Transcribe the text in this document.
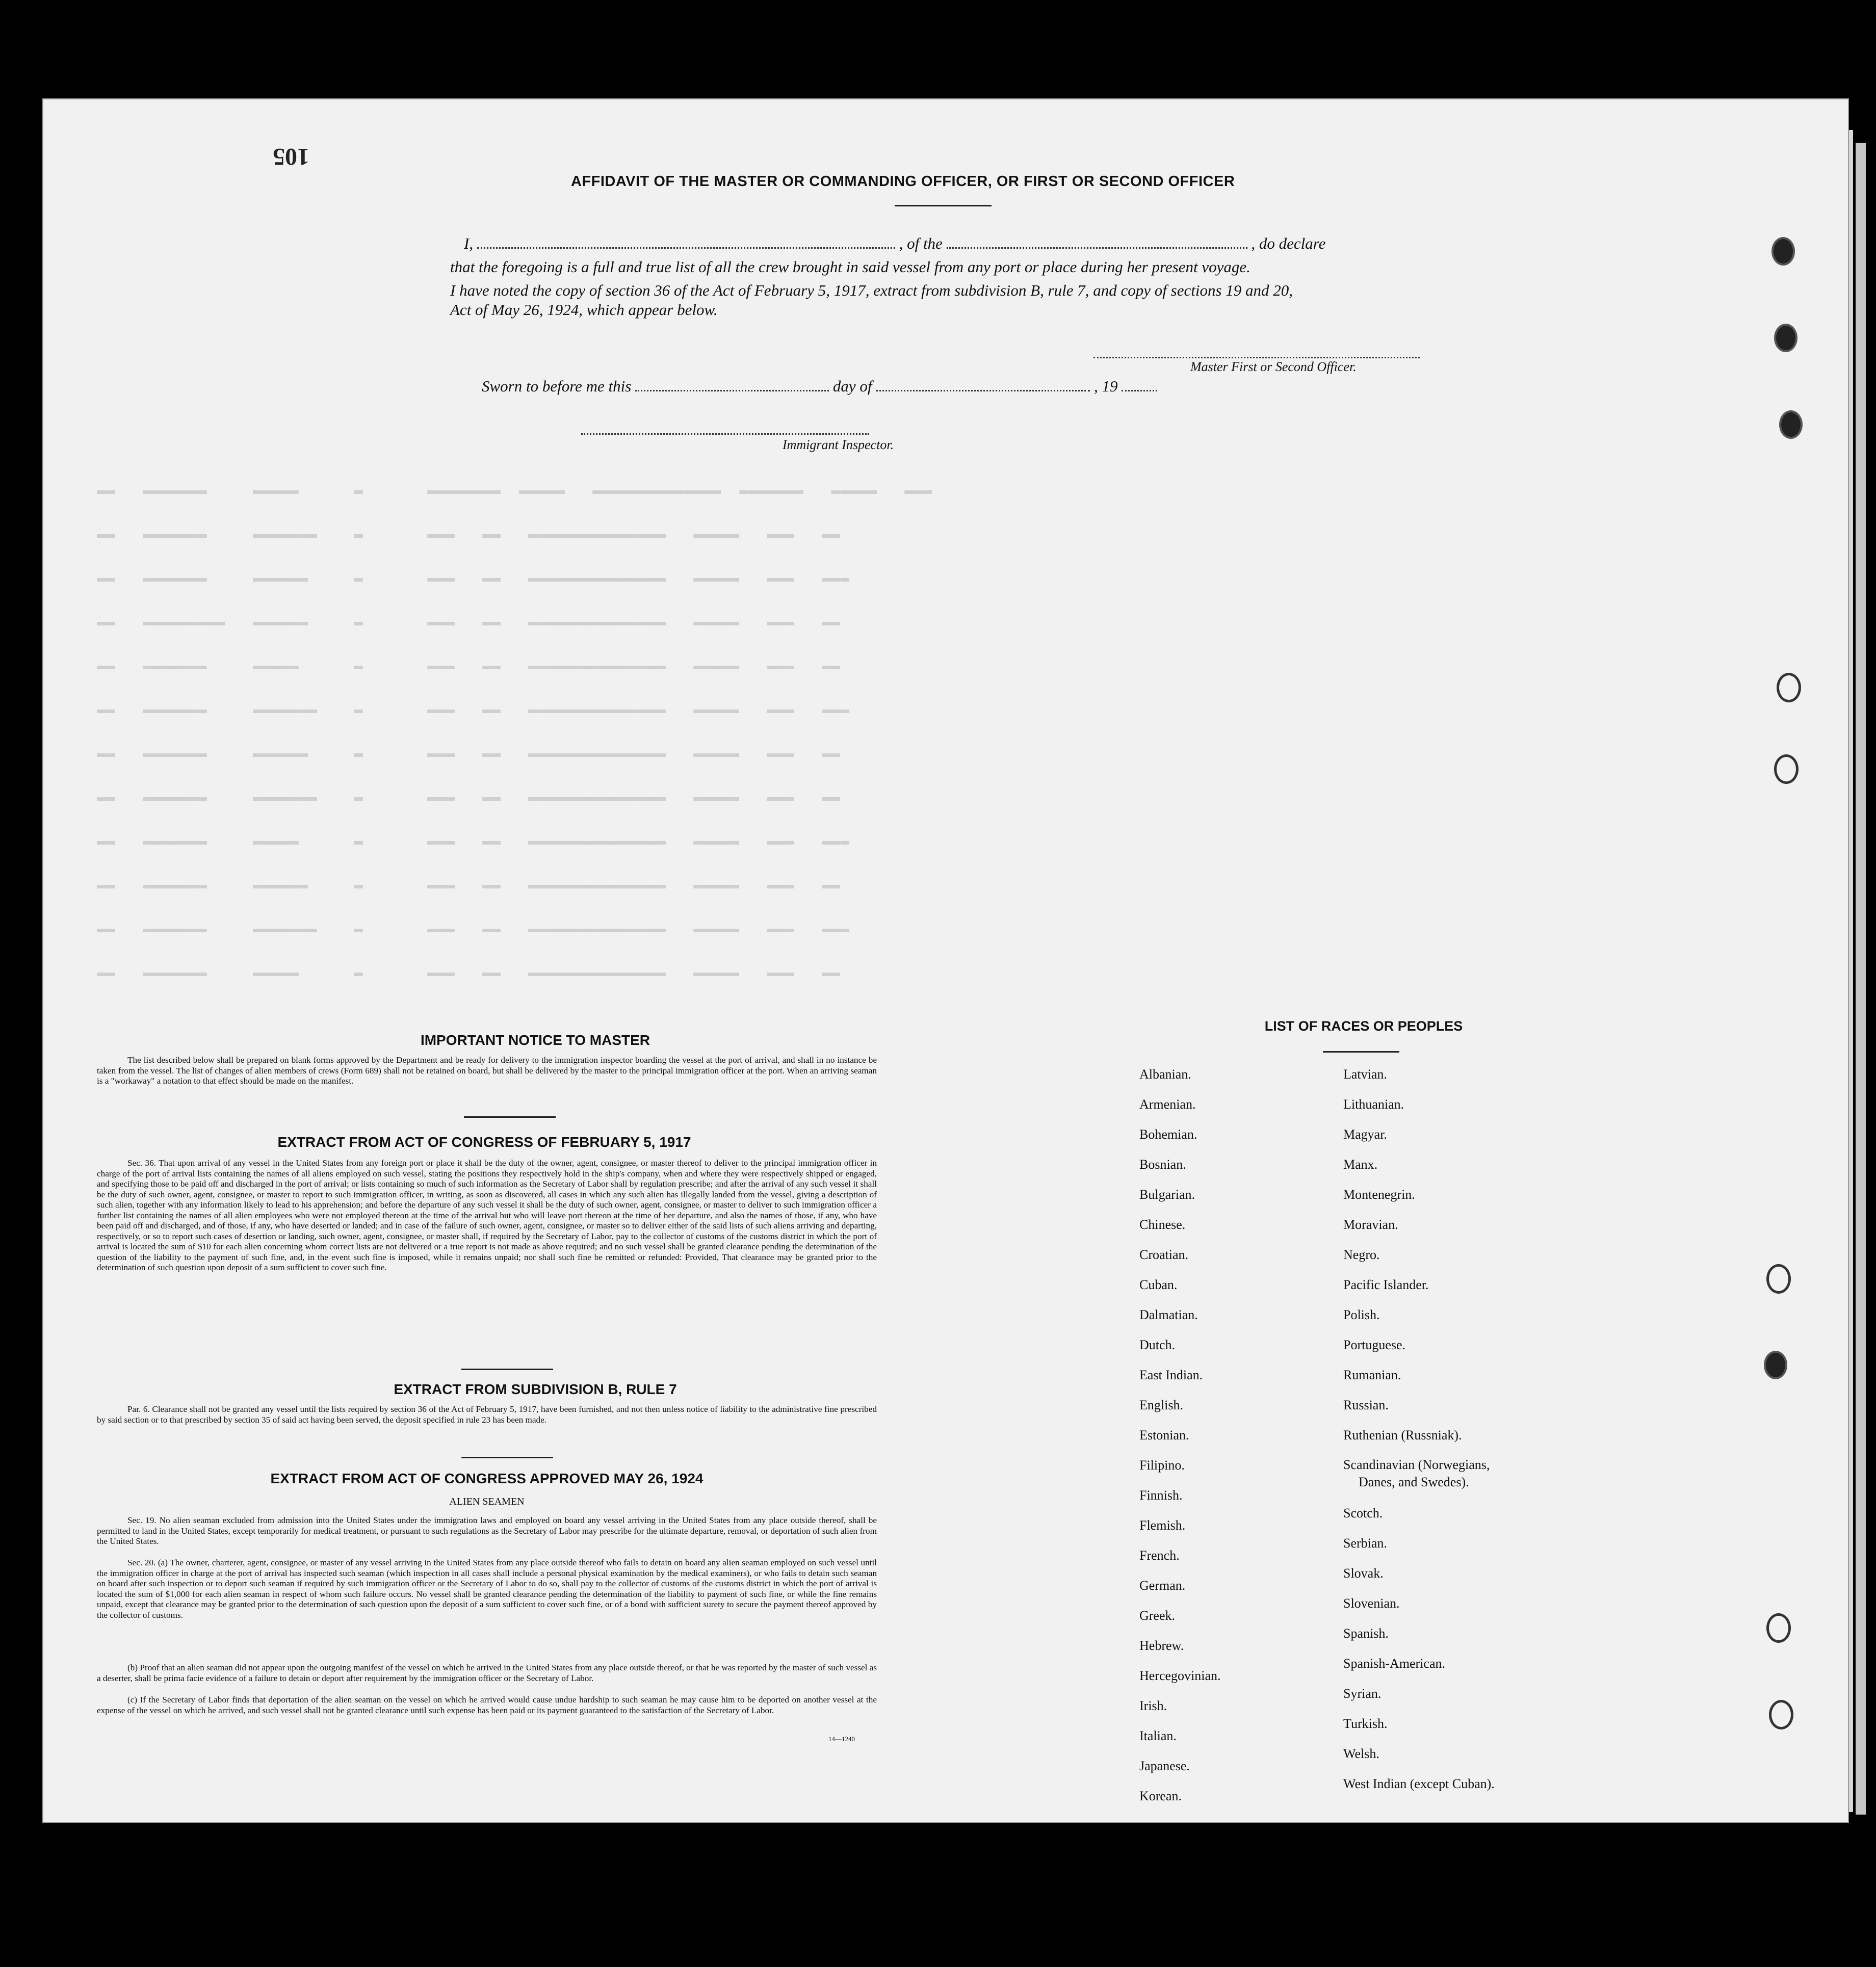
▬▬   ▬▬▬▬▬▬▬     ▬▬▬▬▬      ▬       ▬▬▬▬▬▬▬▬  ▬▬▬▬▬   ▬▬▬▬▬▬▬▬▬▬▬▬▬▬  ▬▬▬▬▬▬▬   ▬▬▬▬▬   ▬▬▬
▬▬   ▬▬▬▬▬▬▬     ▬▬▬▬▬▬▬    ▬       ▬▬▬   ▬▬   ▬▬▬▬▬▬▬▬▬▬▬▬▬▬▬   ▬▬▬▬▬   ▬▬▬   ▬▬
▬▬   ▬▬▬▬▬▬▬     ▬▬▬▬▬▬     ▬       ▬▬▬   ▬▬   ▬▬▬▬▬▬▬▬▬▬▬▬▬▬▬   ▬▬▬▬▬   ▬▬▬   ▬▬▬
▬▬   ▬▬▬▬▬▬▬▬▬   ▬▬▬▬▬▬     ▬       ▬▬▬   ▬▬   ▬▬▬▬▬▬▬▬▬▬▬▬▬▬▬   ▬▬▬▬▬   ▬▬▬   ▬▬
▬▬   ▬▬▬▬▬▬▬     ▬▬▬▬▬      ▬       ▬▬▬   ▬▬   ▬▬▬▬▬▬▬▬▬▬▬▬▬▬▬   ▬▬▬▬▬   ▬▬▬   ▬▬
▬▬   ▬▬▬▬▬▬▬     ▬▬▬▬▬▬▬    ▬       ▬▬▬   ▬▬   ▬▬▬▬▬▬▬▬▬▬▬▬▬▬▬   ▬▬▬▬▬   ▬▬▬   ▬▬▬
▬▬   ▬▬▬▬▬▬▬     ▬▬▬▬▬▬     ▬       ▬▬▬   ▬▬   ▬▬▬▬▬▬▬▬▬▬▬▬▬▬▬   ▬▬▬▬▬   ▬▬▬   ▬▬
▬▬   ▬▬▬▬▬▬▬     ▬▬▬▬▬▬▬    ▬       ▬▬▬   ▬▬   ▬▬▬▬▬▬▬▬▬▬▬▬▬▬▬   ▬▬▬▬▬   ▬▬▬   ▬▬
▬▬   ▬▬▬▬▬▬▬     ▬▬▬▬▬      ▬       ▬▬▬   ▬▬   ▬▬▬▬▬▬▬▬▬▬▬▬▬▬▬   ▬▬▬▬▬   ▬▬▬   ▬▬▬
▬▬   ▬▬▬▬▬▬▬     ▬▬▬▬▬▬     ▬       ▬▬▬   ▬▬   ▬▬▬▬▬▬▬▬▬▬▬▬▬▬▬   ▬▬▬▬▬   ▬▬▬   ▬▬
▬▬   ▬▬▬▬▬▬▬     ▬▬▬▬▬▬▬    ▬       ▬▬▬   ▬▬   ▬▬▬▬▬▬▬▬▬▬▬▬▬▬▬   ▬▬▬▬▬   ▬▬▬   ▬▬▬
▬▬   ▬▬▬▬▬▬▬     ▬▬▬▬▬      ▬       ▬▬▬   ▬▬   ▬▬▬▬▬▬▬▬▬▬▬▬▬▬▬   ▬▬▬▬▬   ▬▬▬   ▬▬
105
AFFIDAVIT OF THE MASTER OR COMMANDING OFFICER, OR FIRST OR SECOND OFFICER
I,	, of the	, do declare
that the foregoing is a full and true list of all the crew brought in said vessel from any port or place during her present voyage.
I have noted the copy of section 36 of the Act of February 5, 1917, extract from subdivision B, rule 7, and copy of sections 19 and 20,
Act of May 26, 1924, which appear below.
Master First or Second Officer.
Sworn to before me this	day of	, 19
Immigrant Inspector.
IMPORTANT NOTICE TO MASTER
The list described below shall be prepared on blank forms approved by the Department and be ready for delivery to the immigration inspector boarding the vessel at the port of arrival, and shall in no instance be taken from the vessel. The list of changes of alien members of crews (Form 689) shall not be retained on board, but shall be delivered by the master to the principal immigration officer at the port. When an arriving seaman is a "workaway" a notation to that effect should be made on the manifest.
EXTRACT FROM ACT OF CONGRESS OF FEBRUARY 5, 1917
Sec. 36. That upon arrival of any vessel in the United States from any foreign port or place it shall be the duty of the owner, agent, consignee, or master thereof to deliver to the principal immigration officer in charge of the port of arrival lists containing the names of all aliens employed on such vessel, stating the positions they respectively hold in the ship's company, when and where they were respectively shipped or engaged, and specifying those to be paid off and discharged in the port of arrival; or lists containing so much of such information as the Secretary of Labor shall by regulation prescribe; and after the arrival of any such vessel it shall be the duty of such owner, agent, consignee, or master to report to such immigration officer, in writing, as soon as discovered, all cases in which any such alien has illegally landed from the vessel, giving a description of such alien, together with any information likely to lead to his apprehension; and before the departure of any such vessel it shall be the duty of such owner, agent, consignee, or master to deliver to such immigration officer a further list containing the names of all alien employees who were not employed thereon at the time of the arrival but who will leave port thereon at the time of her departure, and also the names of those, if any, who have been paid off and discharged, and of those, if any, who have deserted or landed; and in case of the failure of such owner, agent, consignee, or master so to deliver either of the said lists of such aliens arriving and departing, respectively, or so to report such cases of desertion or landing, such owner, agent, consignee, or master shall, if required by the Secretary of Labor, pay to the collector of customs of the customs district in which the port of arrival is located the sum of $10 for each alien concerning whom correct lists are not delivered or a true report is not made as above required; and no such vessel shall be granted clearance pending the determination of the question of the liability to the payment of such fine, and, in the event such fine is imposed, while it remains unpaid; nor shall such fine be remitted or refunded: Provided, That clearance may be granted prior to the determination of such question upon deposit of a sum sufficient to cover such fine.
EXTRACT FROM SUBDIVISION B, RULE 7
Par. 6. Clearance shall not be granted any vessel until the lists required by section 36 of the Act of February 5, 1917, have been furnished, and not then unless notice of liability to the administrative fine prescribed by said section or to that prescribed by section 35 of said act having been served, the deposit specified in rule 23 has been made.
EXTRACT FROM ACT OF CONGRESS APPROVED MAY 26, 1924
ALIEN SEAMEN
Sec. 19. No alien seaman excluded from admission into the United States under the immigration laws and employed on board any vessel arriving in the United States from any place outside thereof, shall be permitted to land in the United States, except temporarily for medical treatment, or pursuant to such regulations as the Secretary of Labor may prescribe for the ultimate departure, removal, or deportation of such alien from the United States.
Sec. 20. (a) The owner, charterer, agent, consignee, or master of any vessel arriving in the United States from any place outside thereof who fails to detain on board any alien seaman employed on such vessel until the immigration officer in charge at the port of arrival has inspected such seaman (which inspection in all cases shall include a personal physical examination by the medical examiners), or who fails to detain such seaman on board after such inspection or to deport such seaman if required by such immigration officer or the Secretary of Labor to do so, shall pay to the collector of customs of the customs district in which the port of arrival is located the sum of $1,000 for each alien seaman in respect of whom such failure occurs. No vessel shall be granted clearance pending the determination of the liability to payment of such fine, or while the fine remains unpaid, except that clearance may be granted prior to the determination of such question upon the deposit of a sum sufficient to cover such fine, or of a bond with sufficient surety to secure the payment thereof approved by the collector of customs.
(b) Proof that an alien seaman did not appear upon the outgoing manifest of the vessel on which he arrived in the United States from any place outside thereof, or that he was reported by the master of such vessel as a deserter, shall be prima facie evidence of a failure to detain or deport after requirement by the immigration officer or the Secretary of Labor.
(c) If the Secretary of Labor finds that deportation of the alien seaman on the vessel on which he arrived would cause undue hardship to such seaman he may cause him to be deported on another vessel at the expense of the vessel on which he arrived, and such vessel shall not be granted clearance until such expense has been paid or its payment guaranteed to the satisfaction of the Secretary of Labor.
14—1240
LIST OF RACES OR PEOPLES
Albanian.
Armenian.
Bohemian.
Bosnian.
Bulgarian.
Chinese.
Croatian.
Cuban.
Dalmatian.
Dutch.
East Indian.
English.
Estonian.
Filipino.
Finnish.
Flemish.
French.
German.
Greek.
Hebrew.
Hercegovinian.
Irish.
Italian.
Japanese.
Korean.
Latvian.
Lithuanian.
Magyar.
Manx.
Montenegrin.
Moravian.
Negro.
Pacific Islander.
Polish.
Portuguese.
Rumanian.
Russian.
Ruthenian (Russniak).
Scandinavian (Norwegians,
Danes, and Swedes).
Scotch.
Serbian.
Slovak.
Slovenian.
Spanish.
Spanish-American.
Syrian.
Turkish.
Welsh.
West Indian (except Cuban).
